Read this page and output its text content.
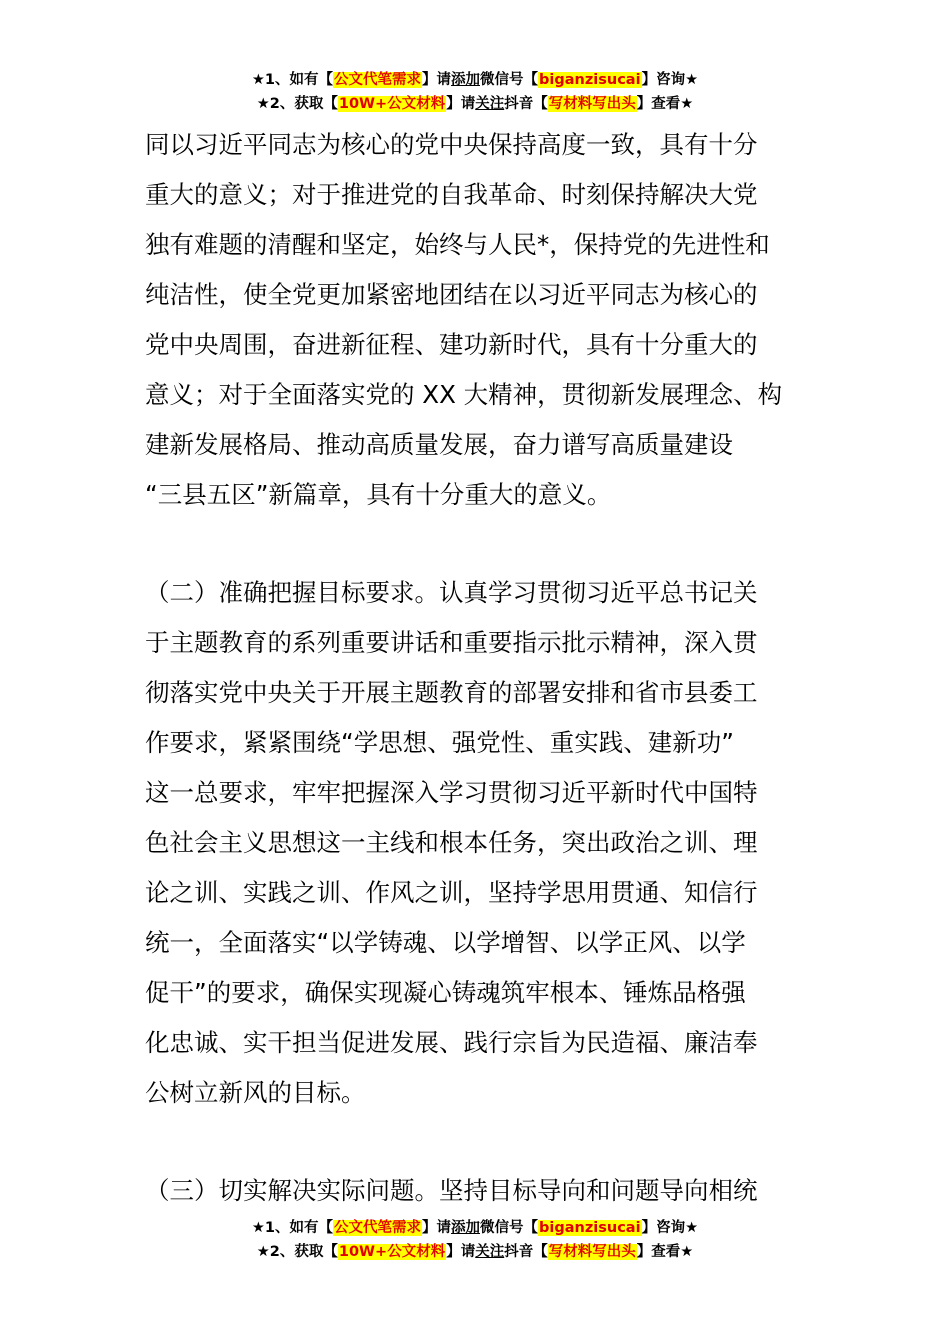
★1、如有【公文代笔需求】请添加微信号【biganzisucai】咨询★
★2、获取【10W+公文材料】请关注抖音【写材料写出头】查看★
同以习近平同志为核心的党中央保持高度一致，具有十分
重大的意义；对于推进党的自我革命、时刻保持解决大党
独有难题的清醒和坚定，始终与人民*，保持党的先进性和
纯洁性，使全党更加紧密地团结在以习近平同志为核心的
党中央周围，奋进新征程、建功新时代，具有十分重大的
意义；对于全面落实党的 XX 大精神，贯彻新发展理念、构
建新发展格局、推动高质量发展，奋力谱写高质量建设
“三县五区”新篇章，具有十分重大的意义。
（二）准确把握目标要求。认真学习贯彻习近平总书记关
于主题教育的系列重要讲话和重要指示批示精神，深入贯
彻落实党中央关于开展主题教育的部署安排和省市县委工
作要求，紧紧围绕“学思想、强党性、重实践、建新功”
这一总要求，牢牢把握深入学习贯彻习近平新时代中国特
色社会主义思想这一主线和根本任务，突出政治之训、理
论之训、实践之训、作风之训，坚持学思用贯通、知信行
统一，全面落实“以学铸魂、以学增智、以学正风、以学
促干”的要求，确保实现凝心铸魂筑牢根本、锤炼品格强
化忠诚、实干担当促进发展、践行宗旨为民造福、廉洁奉
公树立新风的目标。
（三）切实解决实际问题。坚持目标导向和问题导向相统
★1、如有【公文代笔需求】请添加微信号【biganzisucai】咨询★
★2、获取【10W+公文材料】请关注抖音【写材料写出头】查看★
